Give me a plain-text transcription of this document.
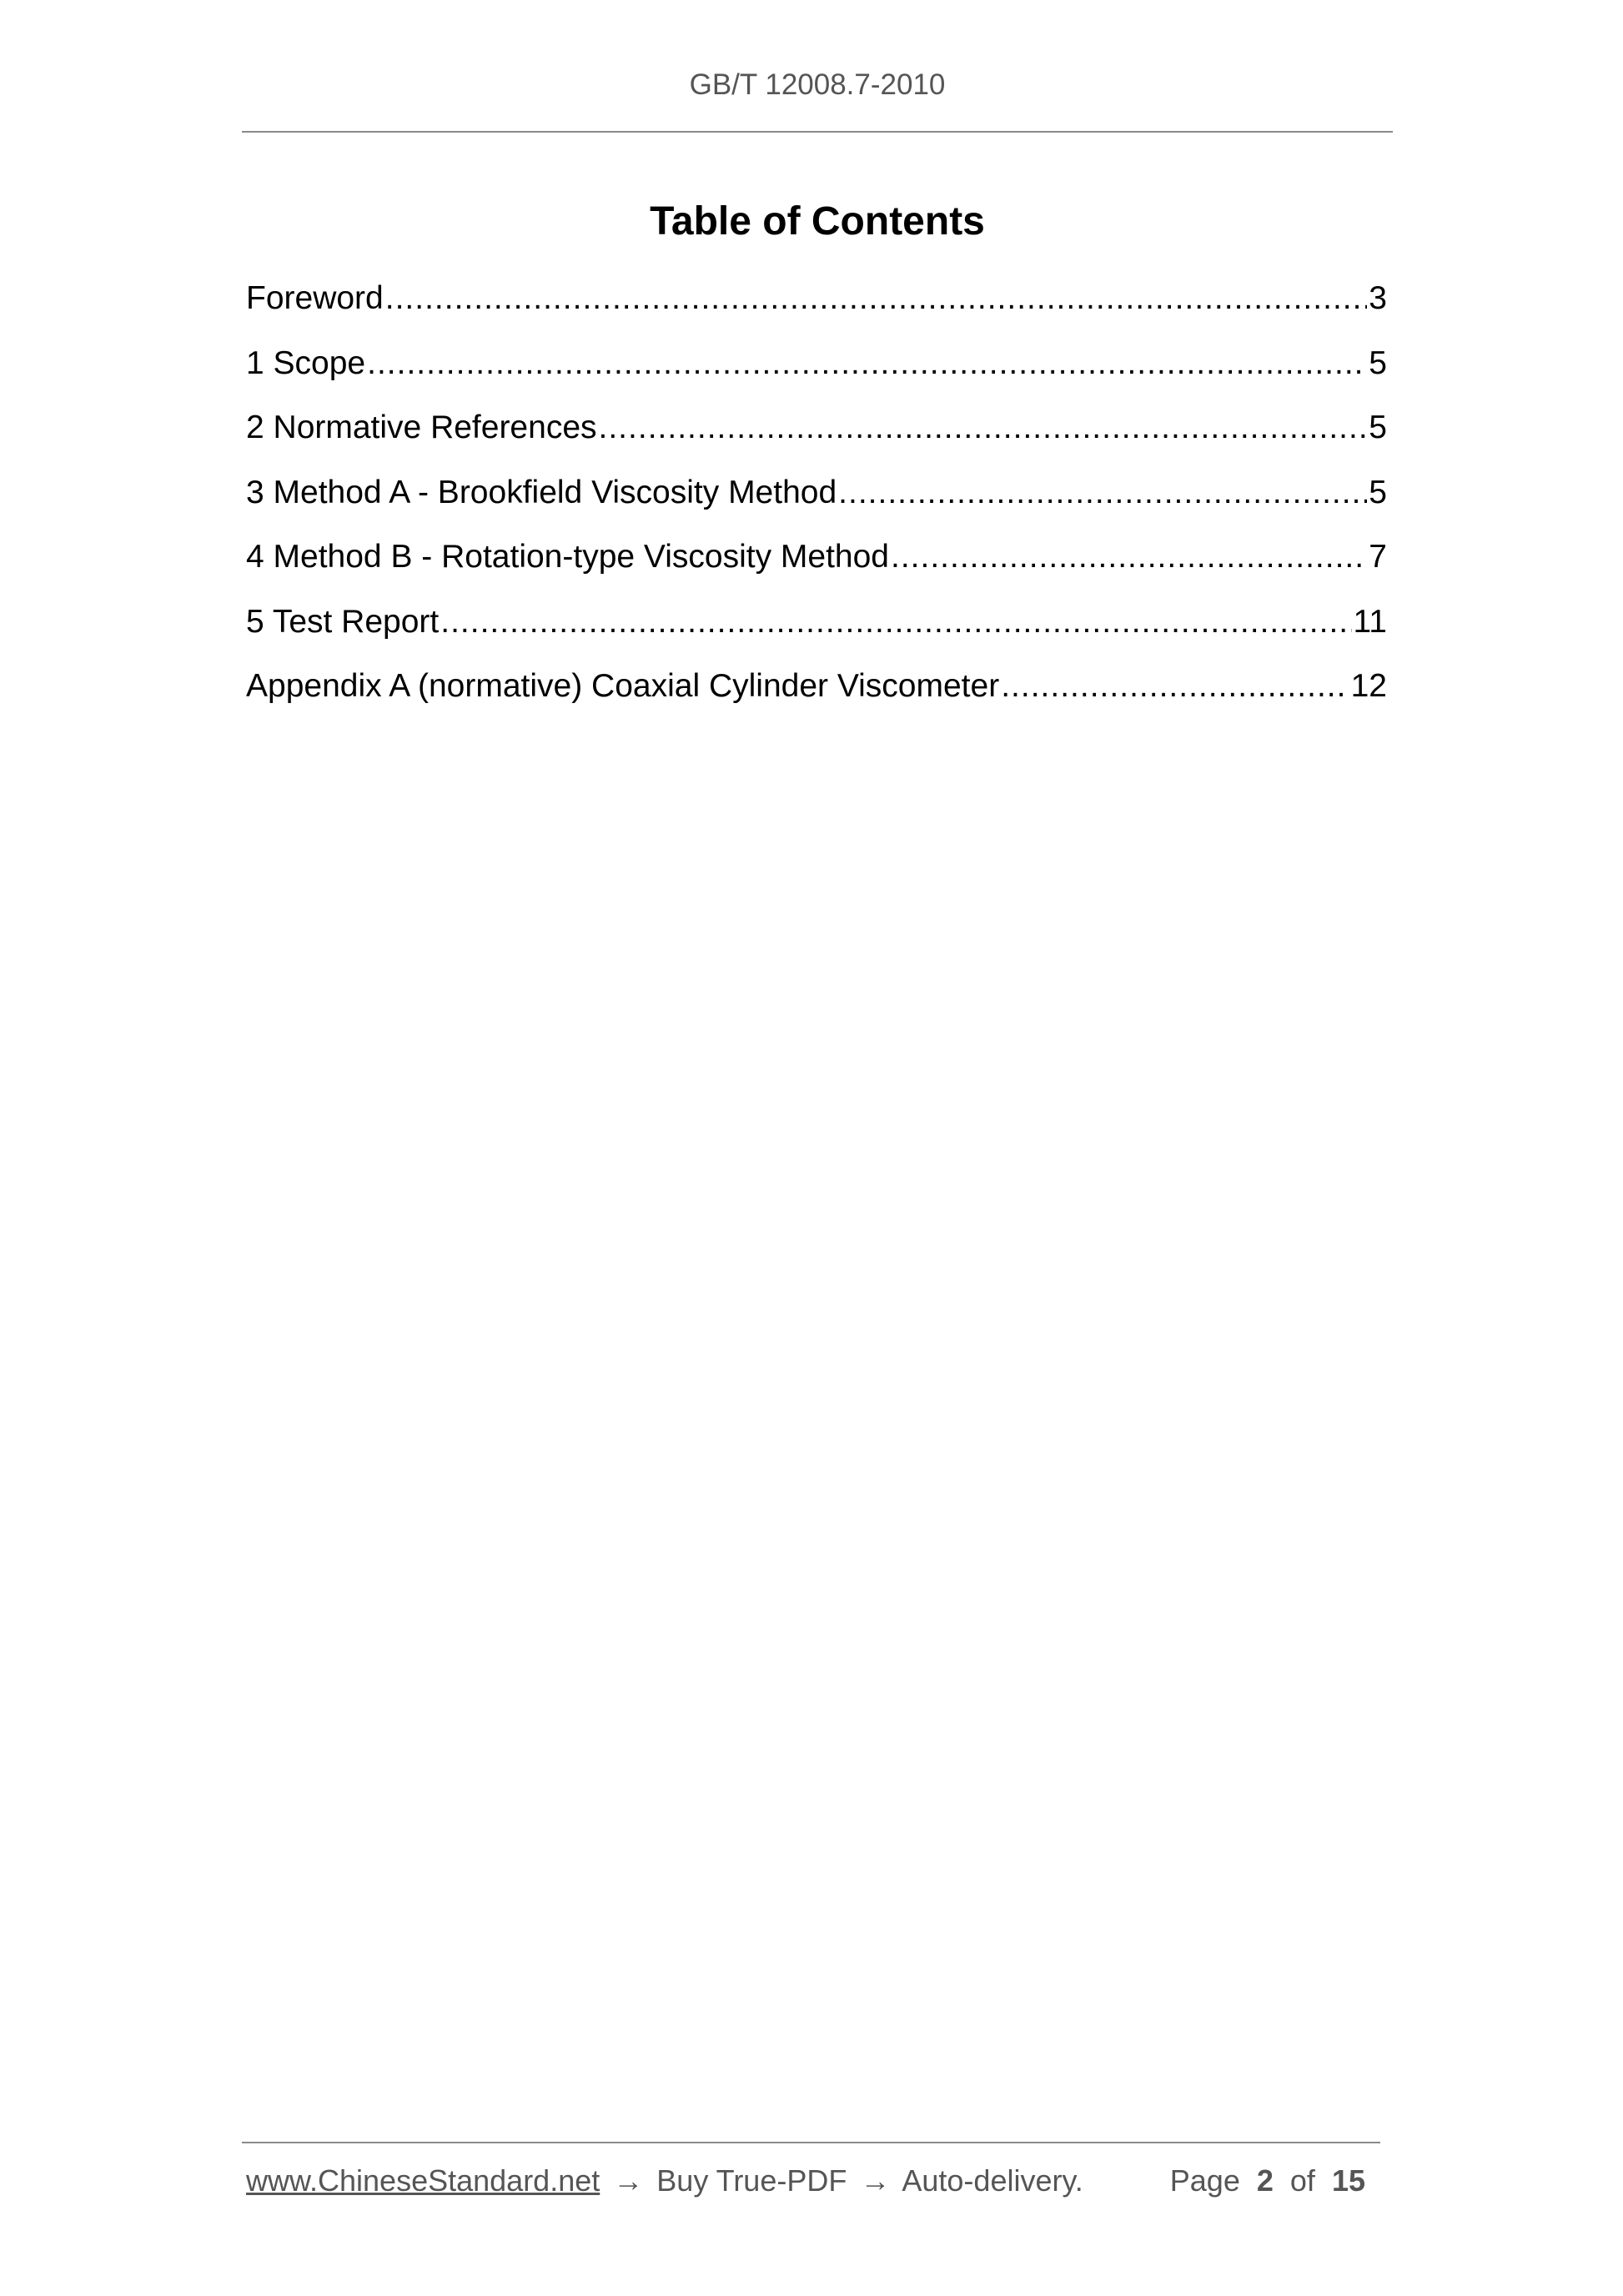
GB/T 12008.7-2010
Table of Contents
Foreword .....	3
1 Scope .....	5
2 Normative References .....	5
3 Method A - Brookfield Viscosity Method .....	5
4 Method B - Rotation-type Viscosity Method .....	7
5 Test Report .....	11
Appendix A (normative) Coaxial Cylinder Viscometer .....	12
www.ChineseStandard.net → Buy True-PDF → Auto-delivery.	Page 2 of 15
